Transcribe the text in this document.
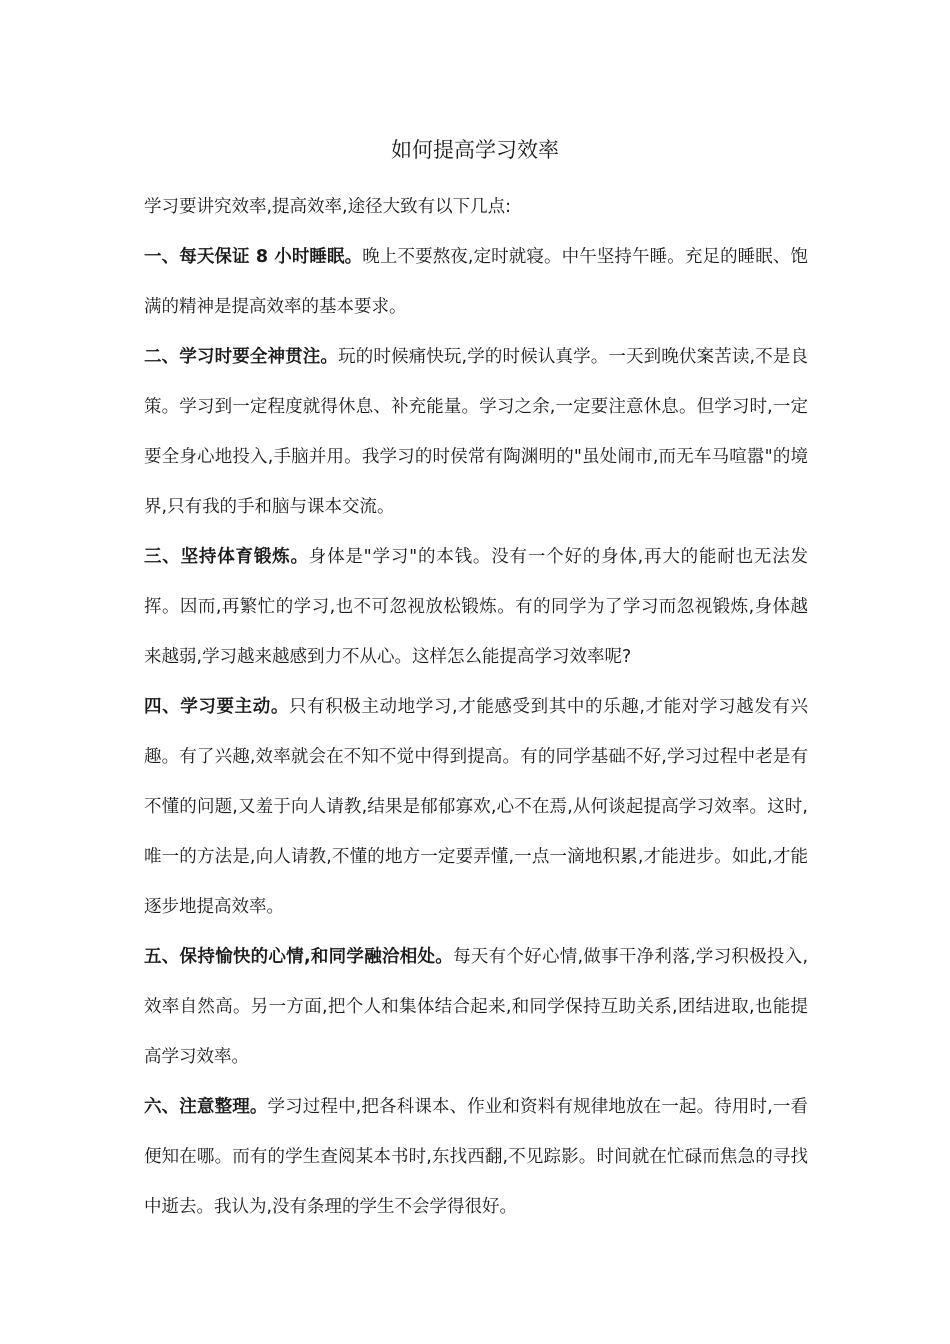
如何提高学习效率

学习要讲究效率,提高效率,途径大致有以下几点:

一、每天保证 8 小时睡眠。晚上不要熬夜,定时就寝。中午坚持午睡。充足的睡眠、饱满的精神是提高效率的基本要求。

二、学习时要全神贯注。玩的时候痛快玩,学的时候认真学。一天到晚伏案苦读,不是良策。学习到一定程度就得休息、补充能量。学习之余,一定要注意休息。但学习时,一定要全身心地投入,手脑并用。我学习的时侯常有陶渊明的"虽处闹市,而无车马喧嚣"的境界,只有我的手和脑与课本交流。

三、坚持体育锻炼。身体是"学习"的本钱。没有一个好的身体,再大的能耐也无法发挥。因而,再繁忙的学习,也不可忽视放松锻炼。有的同学为了学习而忽视锻炼,身体越来越弱,学习越来越感到力不从心。这样怎么能提高学习效率呢?

四、学习要主动。只有积极主动地学习,才能感受到其中的乐趣,才能对学习越发有兴趣。有了兴趣,效率就会在不知不觉中得到提高。有的同学基础不好,学习过程中老是有不懂的问题,又羞于向人请教,结果是郁郁寡欢,心不在焉,从何谈起提高学习效率。这时,唯一的方法是,向人请教,不懂的地方一定要弄懂,一点一滴地积累,才能进步。如此,才能逐步地提高效率。

五、保持愉快的心情,和同学融洽相处。每天有个好心情,做事干净利落,学习积极投入,效率自然高。另一方面,把个人和集体结合起来,和同学保持互助关系,团结进取,也能提高学习效率。

六、注意整理。学习过程中,把各科课本、作业和资料有规律地放在一起。待用时,一看便知在哪。而有的学生查阅某本书时,东找西翻,不见踪影。时间就在忙碌而焦急的寻找中逝去。我认为,没有条理的学生不会学得很好。
